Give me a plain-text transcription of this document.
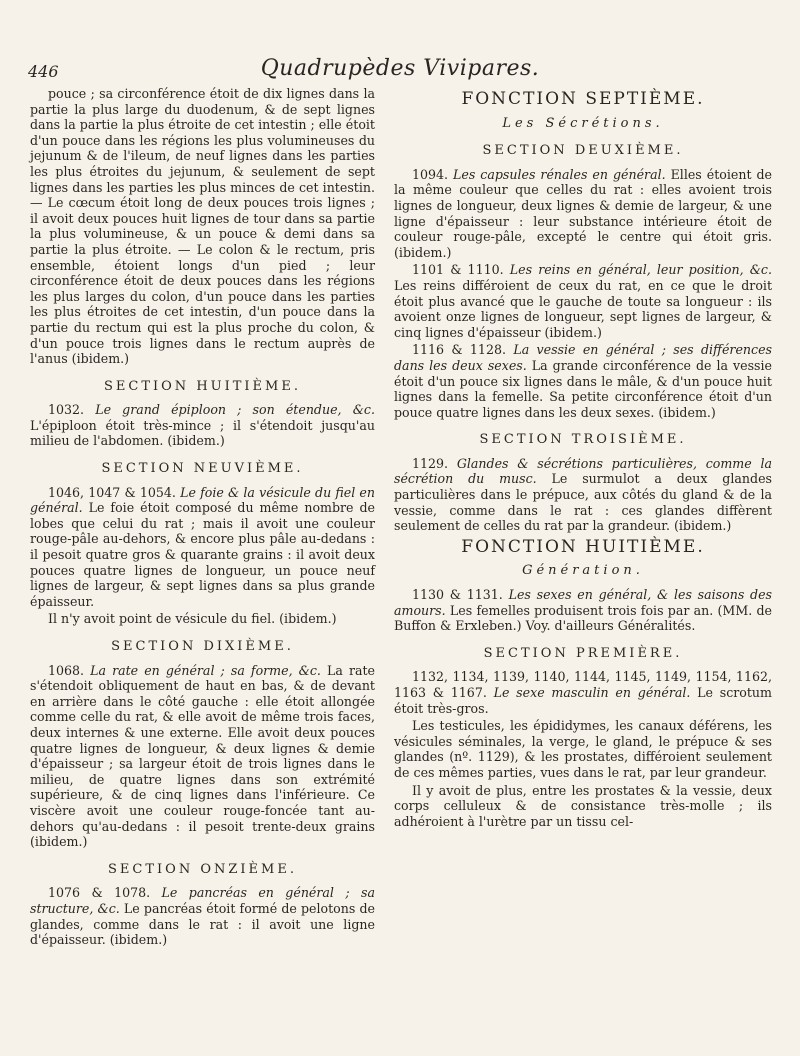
446	Quadrupèdes Vivipares.

pouce ; sa circonférence étoit de dix lignes dans la partie la plus large du duodenum, & de sept lignes dans la partie la plus étroite de cet intestin ; elle étoit d'un pouce dans les régions les plus volumineuses du jejunum & de l'ileum, de neuf lignes dans les parties les plus étroites du jejunum, & seulement de sept lignes dans les parties les plus minces de cet intestin. — Le cœcum étoit long de deux pouces trois lignes ; il avoit deux pouces huit lignes de tour dans sa partie la plus volumineuse, & un pouce & demi dans sa partie la plus étroite. — Le colon & le rectum, pris ensemble, étoient longs d'un pied ; leur circonférence étoit de deux pouces dans les régions les plus larges du colon, d'un pouce dans les parties les plus étroites de cet intestin, d'un pouce dans la partie du rectum qui est la plus proche du colon, & d'un pouce trois lignes dans le rectum auprès de l'anus (ibidem.)

SECTION HUITIÈME.

1032. Le grand épiploon ; son étendue, &c. L'épiploon étoit très-mince ; il s'étendoit jusqu'au milieu de l'abdomen. (ibidem.)

SECTION NEUVIÈME.

1046, 1047 & 1054. Le foie & la vésicule du fiel en général. Le foie étoit composé du même nombre de lobes que celui du rat ; mais il avoit une couleur rouge-pâle au-dehors, & encore plus pâle au-dedans : il pesoit quatre gros & quarante grains : il avoit deux pouces quatre lignes de longueur, un pouce neuf lignes de largeur, & sept lignes dans sa plus grande épaisseur.

Il n'y avoit point de vésicule du fiel. (ibidem.)

SECTION DIXIÈME.

1068. La rate en général ; sa forme, &c. La rate s'étendoit obliquement de haut en bas, & de devant en arrière dans le côté gauche : elle étoit allongée comme celle du rat, & elle avoit de même trois faces, deux internes & une externe. Elle avoit deux pouces quatre lignes de longueur, & deux lignes & demie d'épaisseur ; sa largeur étoit de trois lignes dans le milieu, de quatre lignes dans son extrémité supérieure, & de cinq lignes dans l'inférieure. Ce viscère avoit une couleur rouge-foncée tant au-dehors qu'au-dedans : il pesoit trente-deux grains (ibidem.)

SECTION ONZIÈME.

1076 & 1078. Le pancréas en général ; sa structure, &c. Le pancréas étoit formé de pelotons de glandes, comme dans le rat : il avoit une ligne d'épaisseur. (ibidem.)

FONCTION SEPTIÈME.
Les Sécrétions.
SECTION DEUXIÈME.

1094. Les capsules rénales en général. Elles étoient de la même couleur que celles du rat : elles avoient trois lignes de longueur, deux lignes & demie de largeur, & une ligne d'épaisseur : leur substance intérieure étoit de couleur rouge-pâle, excepté le centre qui étoit gris. (ibidem.)

1101 & 1110. Les reins en général, leur position, &c. Les reins différoient de ceux du rat, en ce que le droit étoit plus avancé que le gauche de toute sa longueur : ils avoient onze lignes de longueur, sept lignes de largeur, & cinq lignes d'épaisseur (ibidem.)

1116 & 1128. La vessie en général ; ses différences dans les deux sexes. La grande circonférence de la vessie étoit d'un pouce six lignes dans le mâle, & d'un pouce huit lignes dans la femelle. Sa petite circonférence étoit d'un pouce quatre lignes dans les deux sexes. (ibidem.)

SECTION TROISIÈME.

1129. Glandes & sécrétions particulières, comme la sécrétion du musc. Le surmulot a deux glandes particulières dans le prépuce, aux côtés du gland & de la vessie, comme dans le rat : ces glandes diffèrent seulement de celles du rat par la grandeur. (ibidem.)

FONCTION HUITIÈME.
Génération.

1130 & 1131. Les sexes en général, & les saisons des amours. Les femelles produisent trois fois par an. (MM. de Buffon & Erxleben.) Voy. d'ailleurs Généralités.

SECTION PREMIÈRE.

1132, 1134, 1139, 1140, 1144, 1145, 1149, 1154, 1162, 1163 & 1167. Le sexe masculin en général. Le scrotum étoit très-gros.

Les testicules, les épididymes, les canaux déférens, les vésicules séminales, la verge, le gland, le prépuce & ses glandes (nº. 1129), & les prostates, différoient seulement de ces mêmes parties, vues dans le rat, par leur grandeur.

Il y avoit de plus, entre les prostates & la vessie, deux corps celluleux & de consistance très-molle ; ils adhéroient à l'urètre par un tissu cel-
